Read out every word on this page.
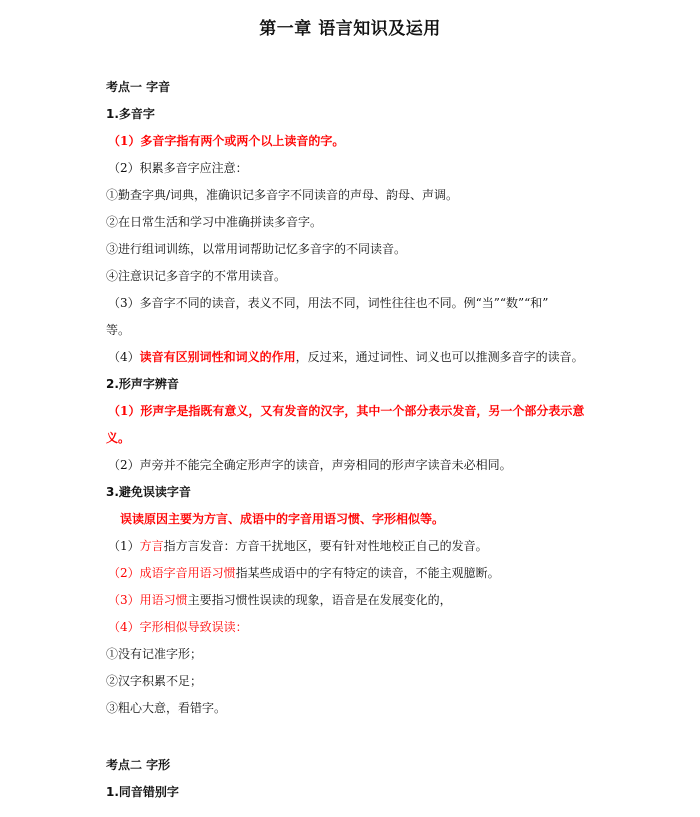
第一章 语言知识及运用
考点一 字音
1.多音字
（1）多音字指有两个或两个以上读音的字。
（2）积累多音字应注意：
①勤查字典/词典，准确识记多音字不同读音的声母、韵母、声调。
②在日常生活和学习中准确拼读多音字。
③进行组词训练，以常用词帮助记忆多音字的不同读音。
④注意识记多音字的不常用读音。
（3）多音字不同的读音，表义不同，用法不同，词性往往也不同。例“当”“数”“和”
等。
（4）读音有区别词性和词义的作用，反过来，通过词性、词义也可以推测多音字的读音。
2.形声字辨音
（1）形声字是指既有意义，又有发音的汉字，其中一个部分表示发音，另一个部分表示意
义。
（2）声旁并不能完全确定形声字的读音，声旁相同的形声字读音未必相同。
3.避免误读字音
误读原因主要为方言、成语中的字音用语习惯、字形相似等。
（1）方言指方言发音：方音干扰地区，要有针对性地校正自己的发音。
（2）成语字音用语习惯指某些成语中的字有特定的读音，不能主观臆断。
（3）用语习惯主要指习惯性误读的现象，语音是在发展变化的，
（4）字形相似导致误读：
①没有记准字形；
②汉字积累不足；
③粗心大意，看错字。
考点二 字形
1.同音错别字
